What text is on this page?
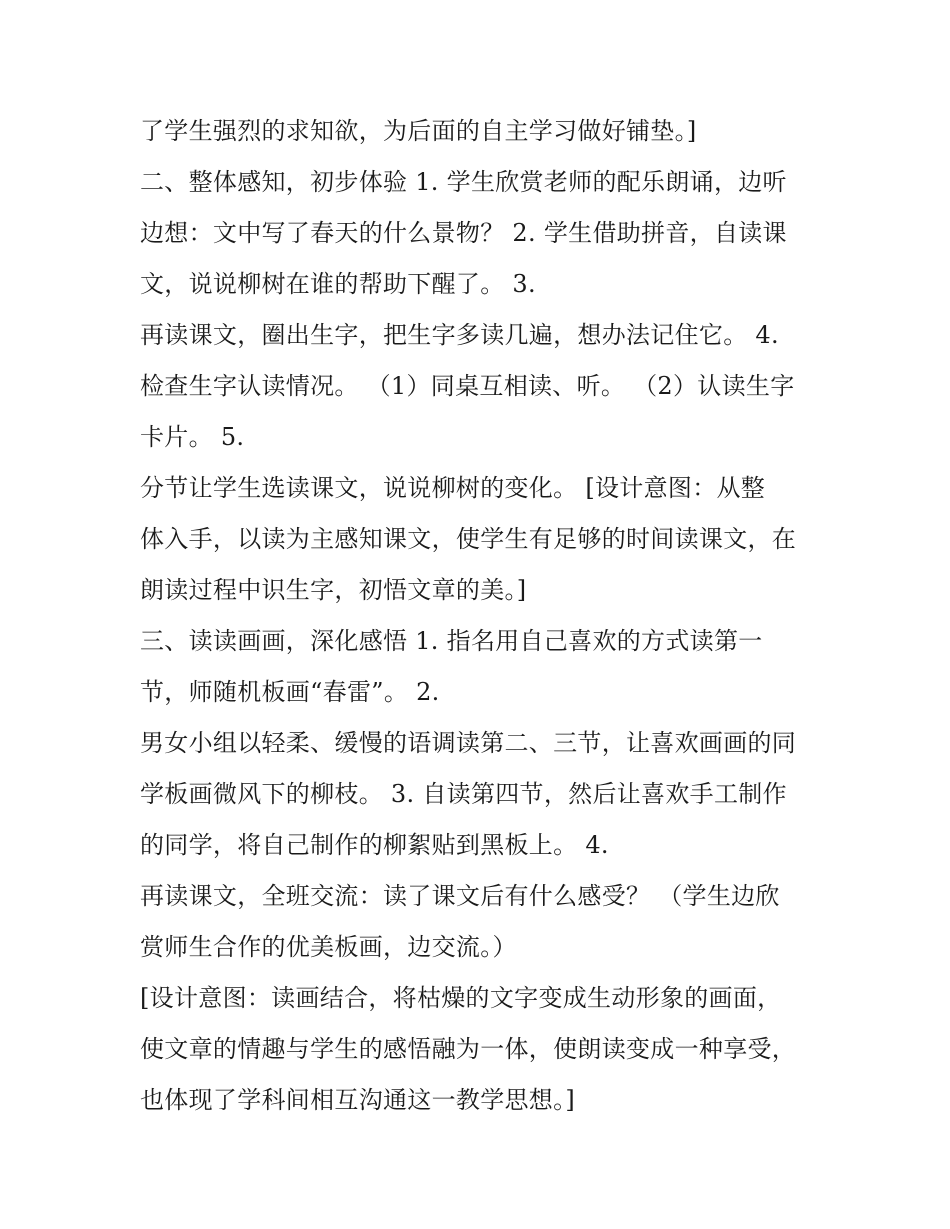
了学生强烈的求知欲，为后面的自主学习做好铺垫。]
二、整体感知，初步体验 1. 学生欣赏老师的配乐朗诵，边听
边想：文中写了春天的什么景物？ 2. 学生借助拼音，自读课
文，说说柳树在谁的帮助下醒了。 3.
再读课文，圈出生字，把生字多读几遍，想办法记住它。 4.
检查生字认读情况。 （1）同桌互相读、听。 （2）认读生字
卡片。 5.
分节让学生选读课文，说说柳树的变化。 [设计意图：从整
体入手，以读为主感知课文，使学生有足够的时间读课文，在
朗读过程中识生字，初悟文章的美。]
三、读读画画，深化感悟 1. 指名用自己喜欢的方式读第一
节，师随机板画“春雷”。 2.
男女小组以轻柔、缓慢的语调读第二、三节，让喜欢画画的同
学板画微风下的柳枝。 3. 自读第四节，然后让喜欢手工制作
的同学，将自己制作的柳絮贴到黑板上。 4.
再读课文，全班交流：读了课文后有什么感受？ （学生边欣
赏师生合作的优美板画，边交流。）
[设计意图：读画结合，将枯燥的文字变成生动形象的画面，
使文章的情趣与学生的感悟融为一体，使朗读变成一种享受，
也体现了学科间相互沟通这一教学思想。]
